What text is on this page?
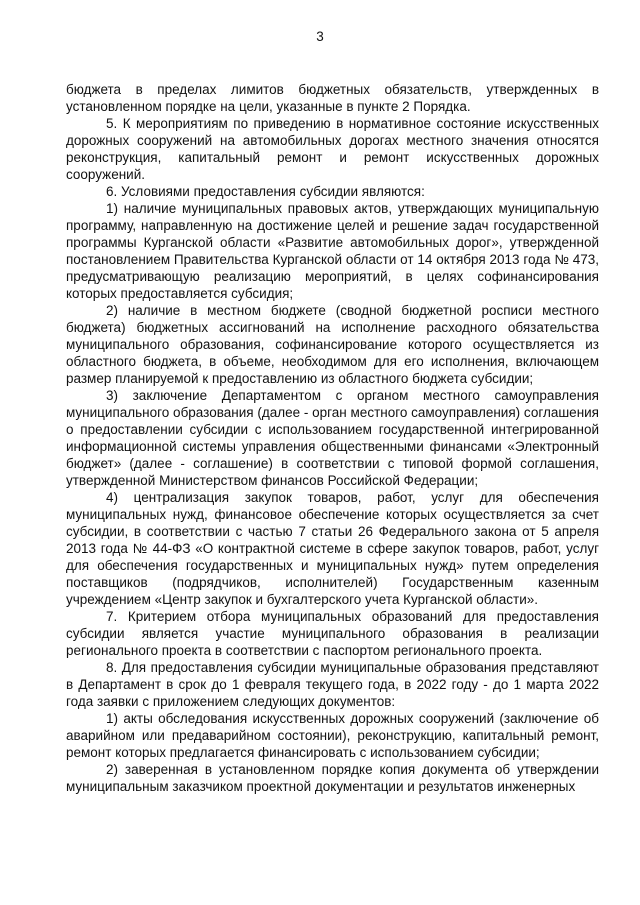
3

бюджета в пределах лимитов бюджетных обязательств, утвержденных в установленном порядке на цели, указанные в пункте 2 Порядка.

5. К мероприятиям по приведению в нормативное состояние искусственных дорожных сооружений на автомобильных дорогах местного значения относятся реконструкция, капитальный ремонт и ремонт искусственных дорожных сооружений.

6. Условиями предоставления субсидии являются:

1) наличие муниципальных правовых актов, утверждающих муниципальную программу, направленную на достижение целей и решение задач государственной программы Курганской области «Развитие автомобильных дорог», утвержденной постановлением Правительства Курганской области от 14 октября 2013 года № 473, предусматривающую реализацию мероприятий, в целях софинансирования которых предоставляется субсидия;

2) наличие в местном бюджете (сводной бюджетной росписи местного бюджета) бюджетных ассигнований на исполнение расходного обязательства муниципального образования, софинансирование которого осуществляется из областного бюджета, в объеме, необходимом для его исполнения, включающем размер планируемой к предоставлению из областного бюджета субсидии;

3) заключение Департаментом с органом местного самоуправления муниципального образования (далее - орган местного самоуправления) соглашения о предоставлении субсидии с использованием государственной интегрированной информационной системы управления общественными финансами «Электронный бюджет» (далее - соглашение) в соответствии с типовой формой соглашения, утвержденной Министерством финансов Российской Федерации;

4) централизация закупок товаров, работ, услуг для обеспечения муниципальных нужд, финансовое обеспечение которых осуществляется за счет субсидии, в соответствии с частью 7 статьи 26 Федерального закона от 5 апреля 2013 года № 44-ФЗ «О контрактной системе в сфере закупок товаров, работ, услуг для обеспечения государственных и муниципальных нужд» путем определения поставщиков (подрядчиков, исполнителей) Государственным казенным учреждением «Центр закупок и бухгалтерского учета Курганской области».

7. Критерием отбора муниципальных образований для предоставления субсидии является участие муниципального образования в реализации регионального проекта в соответствии с паспортом регионального проекта.

8. Для предоставления субсидии муниципальные образования представляют в Департамент в срок до 1 февраля текущего года, в 2022 году - до 1 марта 2022 года заявки с приложением следующих документов:

1) акты обследования искусственных дорожных сооружений (заключение об аварийном или предаварийном состоянии), реконструкцию, капитальный ремонт, ремонт которых предлагается финансировать с использованием субсидии;

2) заверенная в установленном порядке копия документа об утверждении муниципальным заказчиком проектной документации и результатов инженерных
